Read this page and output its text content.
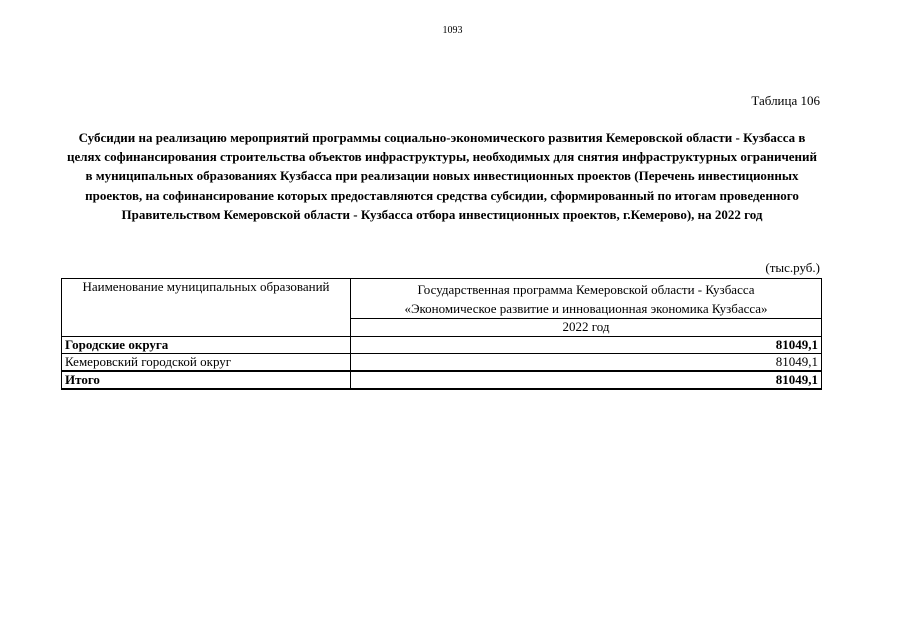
1093
Таблица 106
Субсидии на реализацию мероприятий программы социально-экономического развития Кемеровской области - Кузбасса в целях софинансирования строительства объектов инфраструктуры, необходимых для снятия инфраструктурных ограничений в муниципальных образованиях Кузбасса при реализации новых инвестиционных проектов (Перечень инвестиционных проектов, на софинансирование которых предоставляются средства субсидии, сформированный по итогам проведенного Правительством Кемеровской области - Кузбасса отбора инвестиционных проектов, г.Кемерово), на 2022 год
(тыс.руб.)
Наименование муниципальных образований	Государственная программа Кемеровской области - Кузбасса
«Экономическое развитие и инновационная экономика Кузбасса»
	2022 год
Городские округа	81049,1
Кемеровский городской округ	81049,1
Итого	81049,1
